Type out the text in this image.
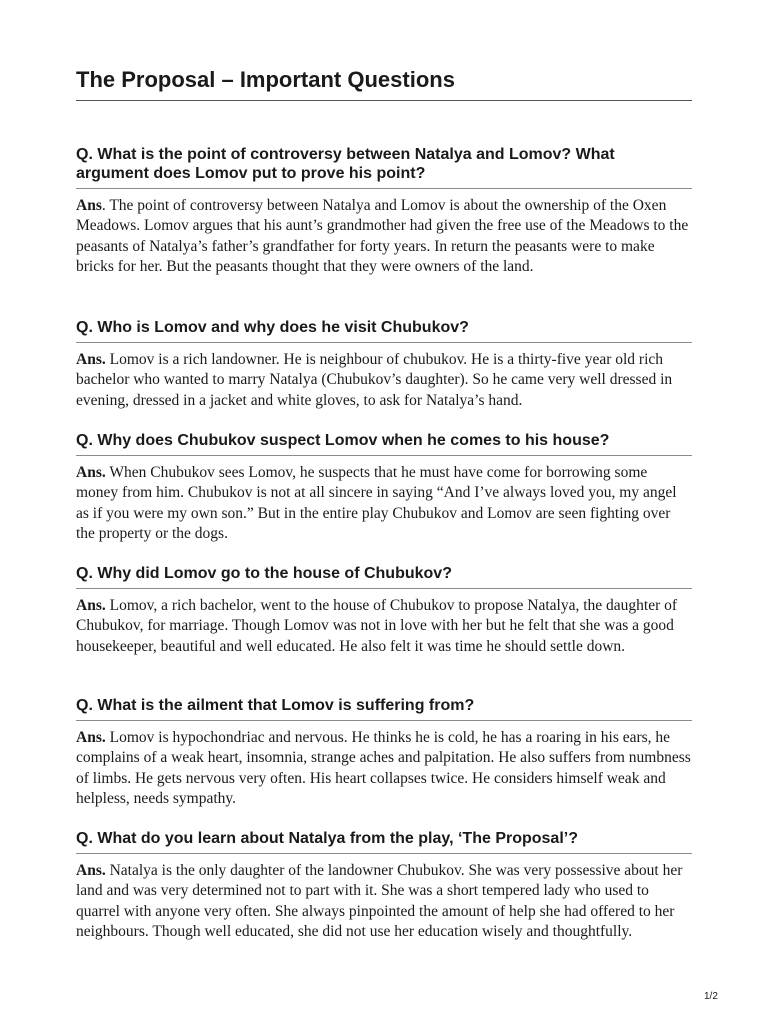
The Proposal – Important Questions

Q. What is the point of controversy between Natalya and Lomov? What argument does Lomov put to prove his point?

Ans. The point of controversy between Natalya and Lomov is about the ownership of the Oxen Meadows. Lomov argues that his aunt’s grandmother had given the free use of the Meadows to the peasants of Natalya’s father’s grandfather for forty years. In return the peasants were to make bricks for her. But the peasants thought that they were owners of the land.

Q. Who is Lomov and why does he visit Chubukov?

Ans. Lomov is a rich landowner. He is neighbour of chubukov. He is a thirty-five year old rich bachelor who wanted to marry Natalya (Chubukov’s daughter). So he came very well dressed in evening, dressed in a jacket and white gloves, to ask for Natalya’s hand.

Q. Why does Chubukov suspect Lomov when he comes to his house?

Ans. When Chubukov sees Lomov, he suspects that he must have come for borrowing some money from him. Chubukov is not at all sincere in saying “And I’ve always loved you, my angel as if you were my own son.” But in the entire play Chubukov and Lomov are seen fighting over the property or the dogs.

Q. Why did Lomov go to the house of Chubukov?

Ans. Lomov, a rich bachelor, went to the house of Chubukov to propose Natalya, the daughter of Chubukov, for marriage. Though Lomov was not in love with her but he felt that she was a good housekeeper, beautiful and well educated. He also felt it was time he should settle down.

Q. What is the ailment that Lomov is suffering from?

Ans. Lomov is hypochondriac and nervous. He thinks he is cold, he has a roaring in his ears, he complains of a weak heart, insomnia, strange aches and palpitation. He also suffers from numbness of limbs. He gets nervous very often. His heart collapses twice. He considers himself weak and helpless, needs sympathy.

Q. What do you learn about Natalya from the play, ‘The Proposal’?

Ans. Natalya is the only daughter of the landowner Chubukov. She was very possessive about her land and was very determined not to part with it. She was a short tempered lady who used to quarrel with anyone very often. She always pinpointed the amount of help she had offered to her neighbours. Though well educated, she did not use her education wisely and thoughtfully.

1/2
